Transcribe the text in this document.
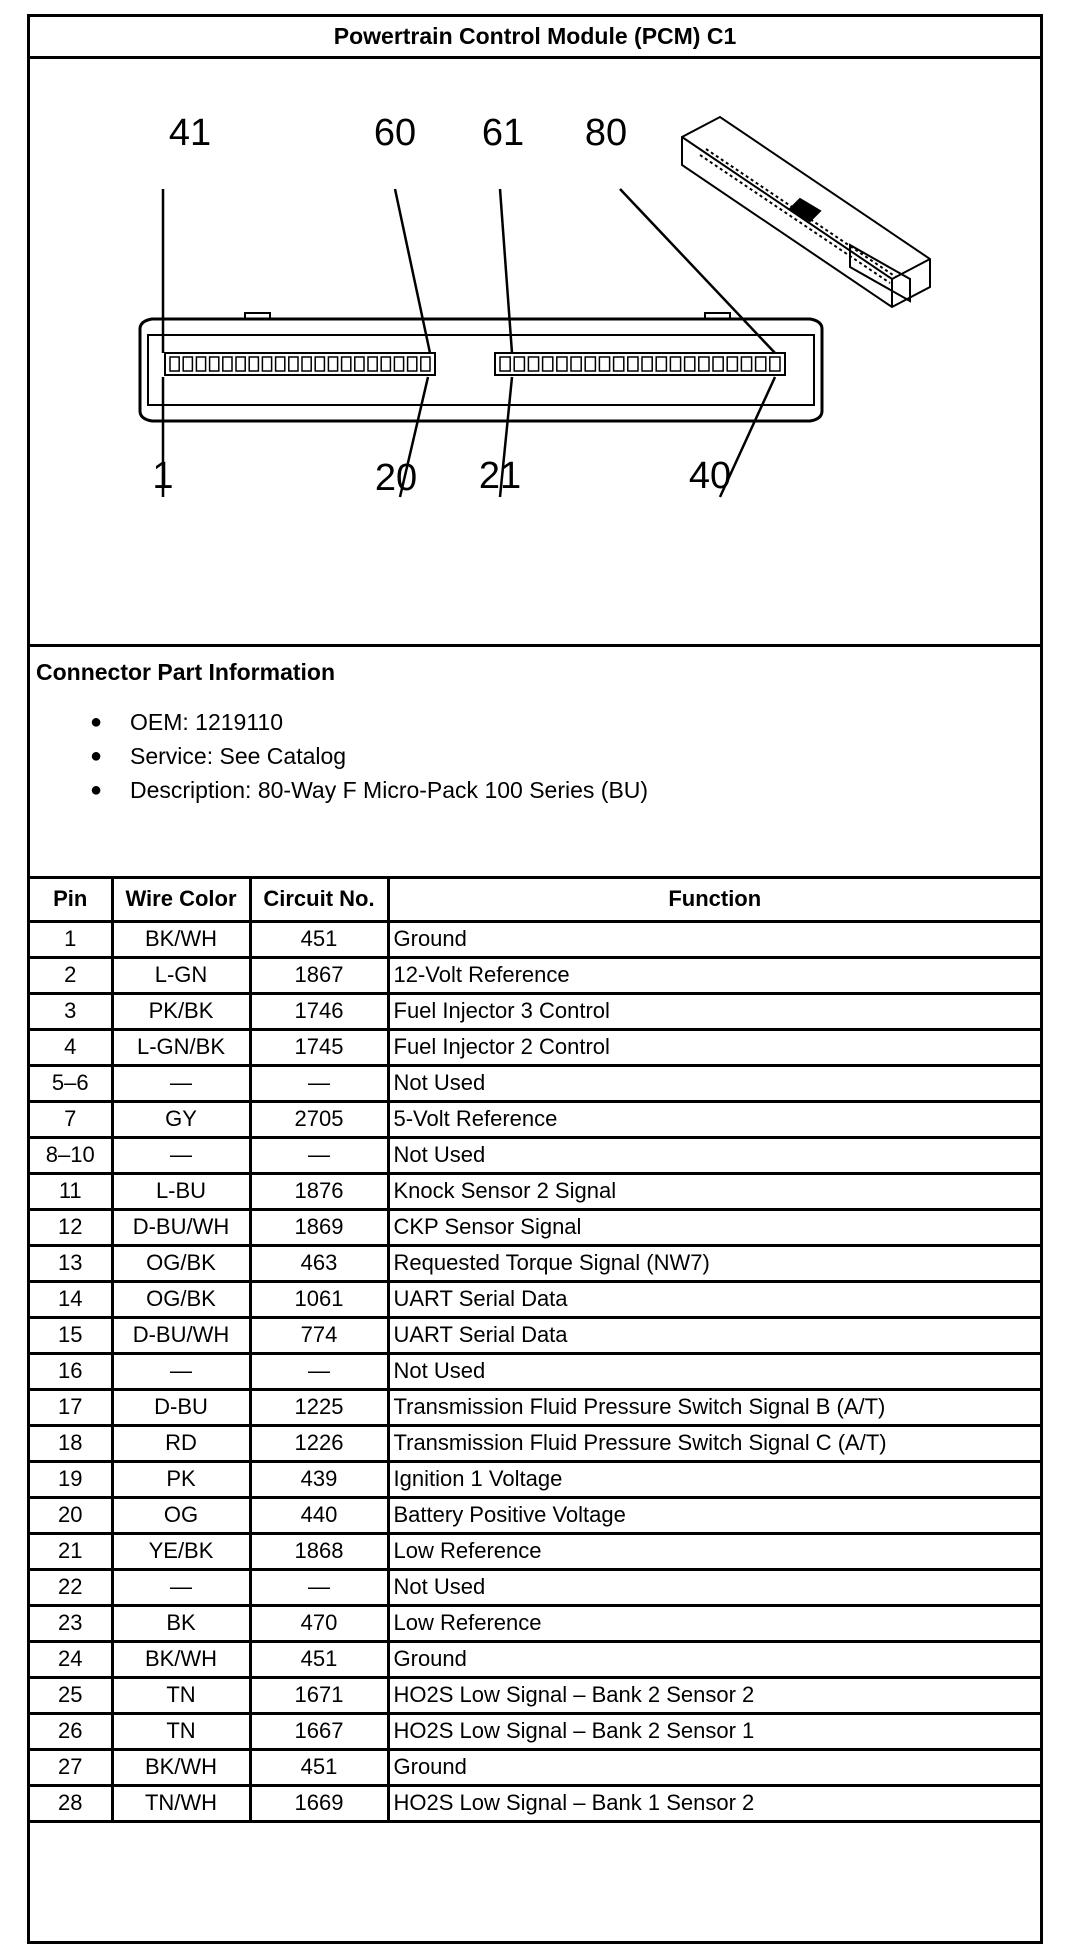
Powertrain Control Module (PCM) C1
41	60 61 80
1	20 21	40
Connector Part Information
● OEM: 1219110
● Service: See Catalog
● Description: 80-Way F Micro-Pack 100 Series (BU)
Pin	Wire Color	Circuit No.	Function
1	BK/WH	451	Ground
2	L-GN	1867	12-Volt Reference
3	PK/BK	1746	Fuel Injector 3 Control
4	L-GN/BK	1745	Fuel Injector 2 Control
5–6	—	—	Not Used
7	GY	2705	5-Volt Reference
8–10	—	—	Not Used
11	L-BU	1876	Knock Sensor 2 Signal
12	D-BU/WH	1869	CKP Sensor Signal
13	OG/BK	463	Requested Torque Signal (NW7)
14	OG/BK	1061	UART Serial Data
15	D-BU/WH	774	UART Serial Data
16	—	—	Not Used
17	D-BU	1225	Transmission Fluid Pressure Switch Signal B (A/T)
18	RD	1226	Transmission Fluid Pressure Switch Signal C (A/T)
19	PK	439	Ignition 1 Voltage
20	OG	440	Battery Positive Voltage
21	YE/BK	1868	Low Reference
22	—	—	Not Used
23	BK	470	Low Reference
24	BK/WH	451	Ground
25	TN	1671	HO2S Low Signal – Bank 2 Sensor 2
26	TN	1667	HO2S Low Signal – Bank 2 Sensor 1
27	BK/WH	451	Ground
28	TN/WH	1669	HO2S Low Signal – Bank 1 Sensor 2
